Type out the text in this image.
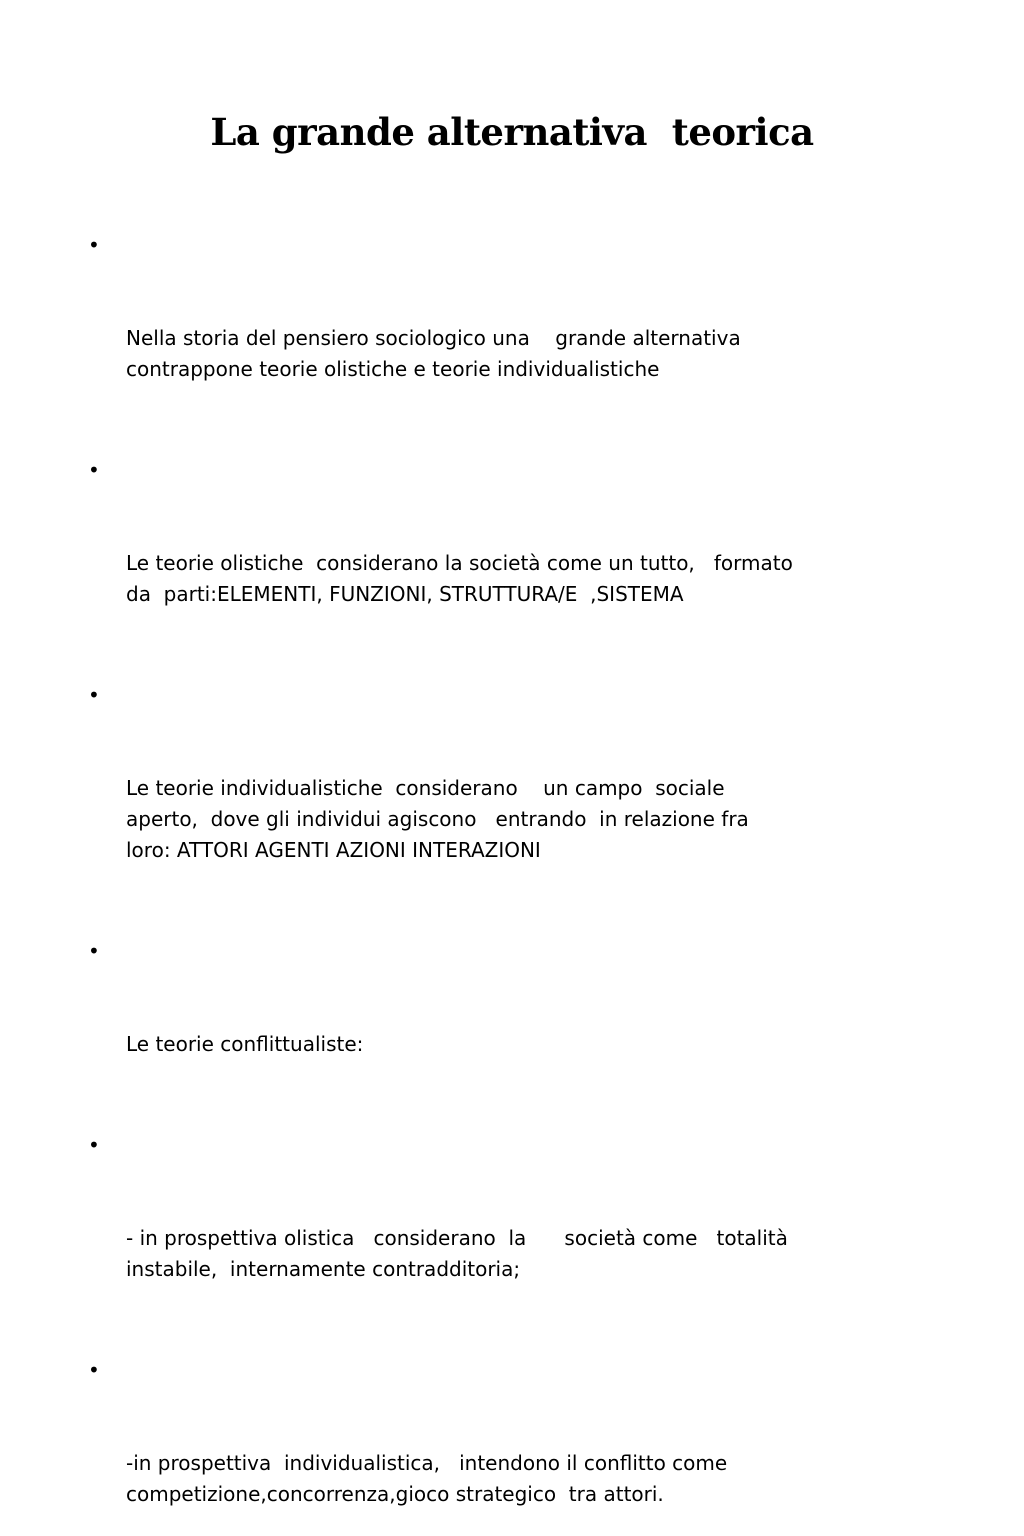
La grande alternativa  teorica

•

Nella storia del pensiero sociologico una    grande alternativa
contrappone teorie olistiche e teorie individualistiche

•

Le teorie olistiche  considerano la società come un tutto,   formato
da  parti:ELEMENTI, FUNZIONI, STRUTTURA/E  ,SISTEMA

•

Le teorie individualistiche  considerano    un campo  sociale
aperto,  dove gli individui agiscono   entrando  in relazione fra
loro: ATTORI AGENTI AZIONI INTERAZIONI

•

Le teorie conflittualiste:

•

- in prospettiva olistica   considerano  la      società come   totalità
instabile,  internamente contradditoria;

•

-in prospettiva  individualistica,   intendono il conflitto come
competizione,concorrenza,gioco strategico  tra attori.
